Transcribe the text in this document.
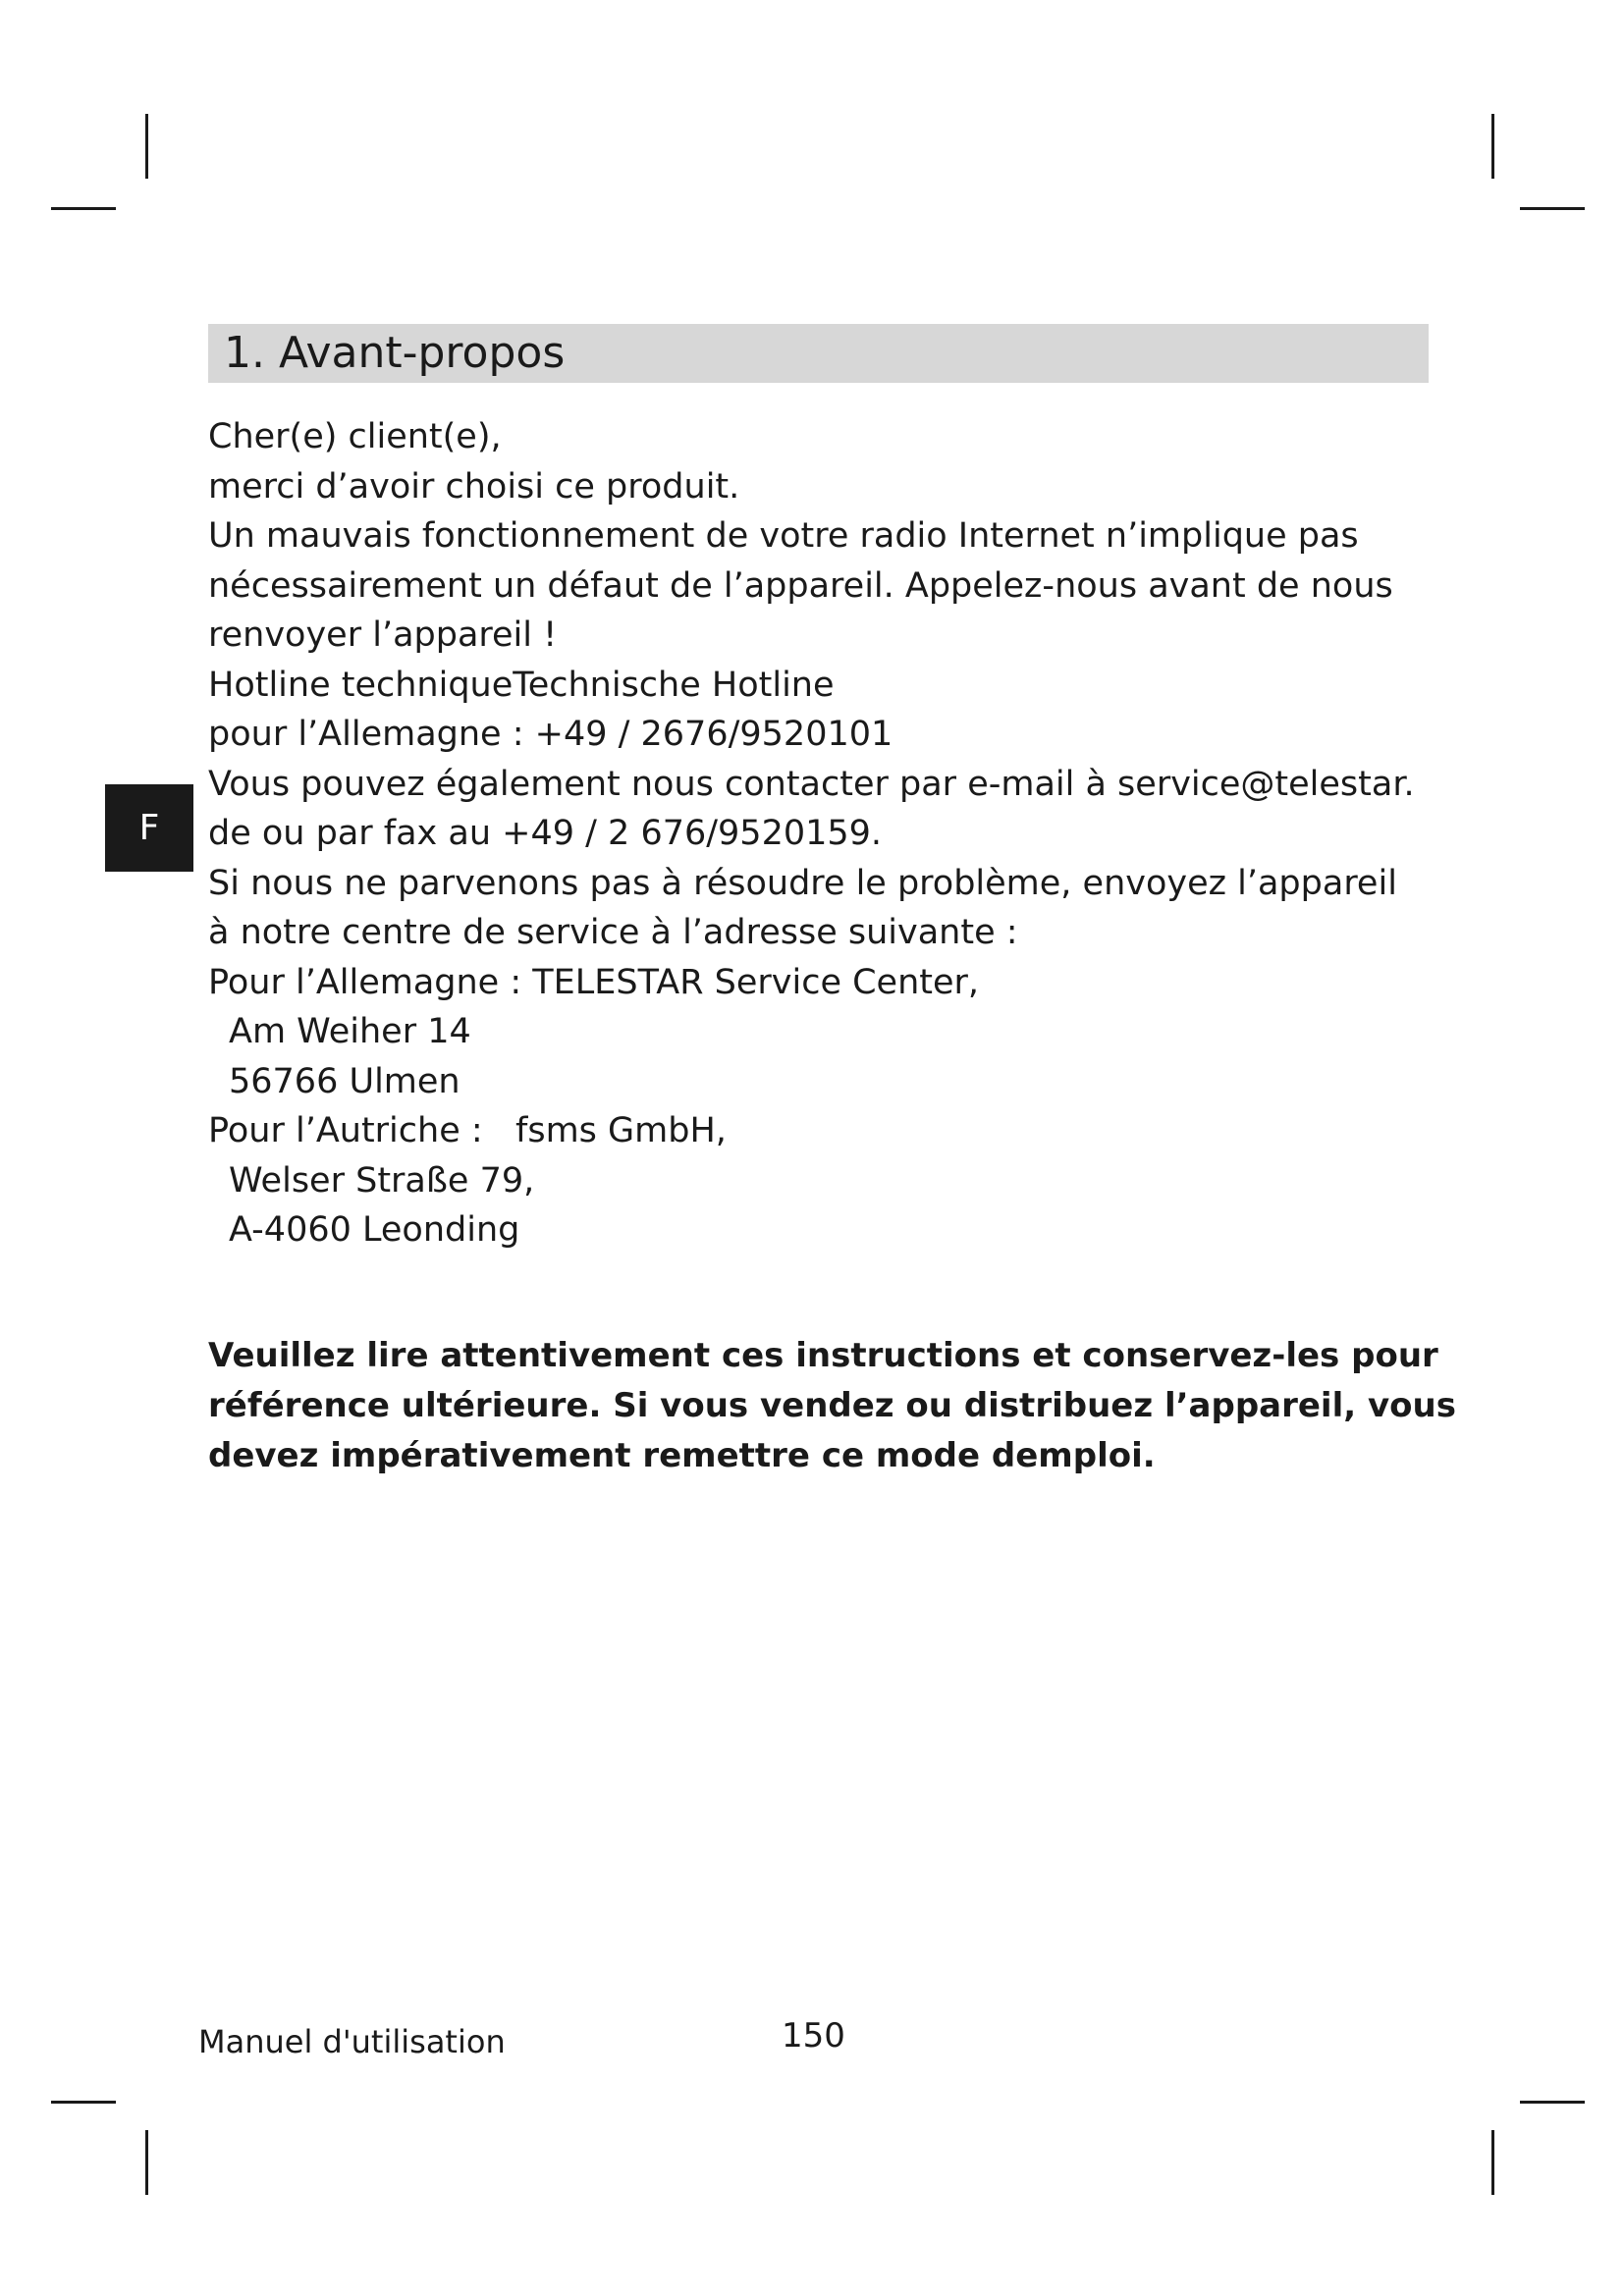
1. Avant-propos
F
Cher(e) client(e),
merci d’avoir choisi ce produit.
Un mauvais fonctionnement de votre radio Internet n’implique pas
nécessairement un défaut de l’appareil. Appelez-nous avant de nous
renvoyer l’appareil !
Hotline techniqueTechnische Hotline
pour l’Allemagne : +49 / 2676/9520101
Vous pouvez également nous contacter par e-mail à service@telestar.
de ou par fax au +49 / 2 676/9520159.
Si nous ne parvenons pas à résoudre le problème, envoyez l’appareil
à notre centre de service à l’adresse suivante :
Pour l’Allemagne : TELESTAR Service Center,
Am Weiher 14
56766 Ulmen
Pour l’Autriche :   fsms GmbH,
Welser Straße 79,
A-4060 Leonding
Veuillez lire attentivement ces instructions et conservez-les pour
référence ultérieure. Si vous vendez ou distribuez l’appareil, vous
devez impérativement remettre ce mode demploi.
Manuel d'utilisation	150
